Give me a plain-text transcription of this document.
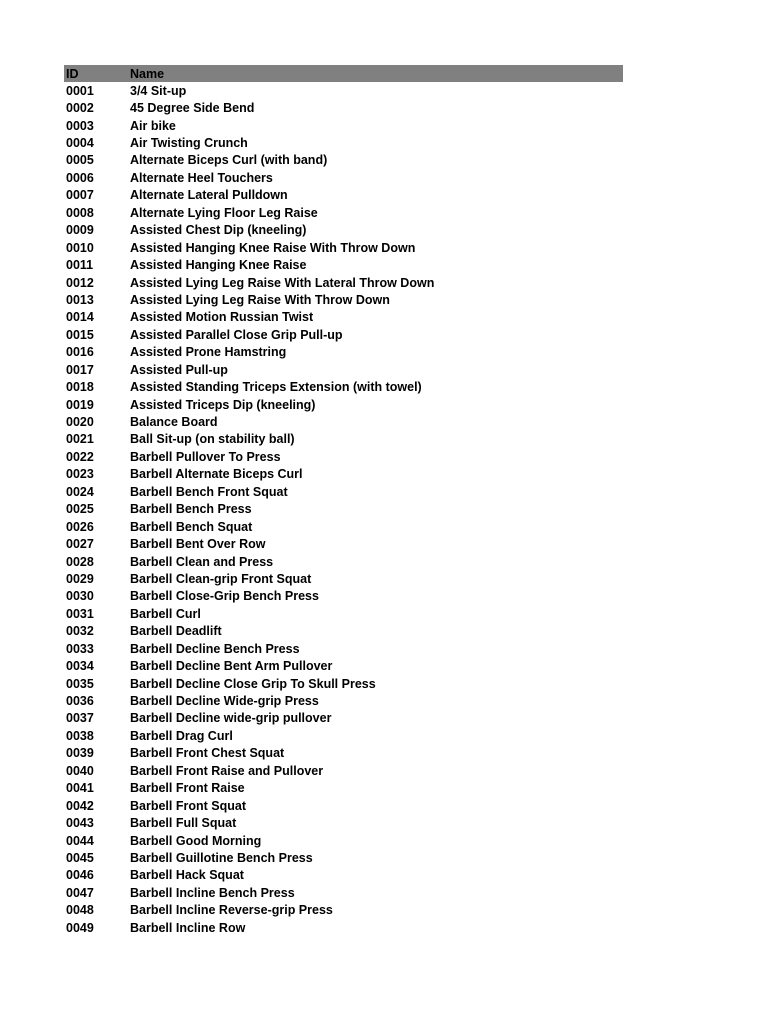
ID	Name
0001	3/4 Sit-up
0002	45 Degree Side Bend
0003	Air bike
0004	Air Twisting Crunch
0005	Alternate Biceps Curl (with band)
0006	Alternate Heel Touchers
0007	Alternate Lateral Pulldown
0008	Alternate Lying Floor Leg Raise
0009	Assisted Chest Dip (kneeling)
0010	Assisted Hanging Knee Raise With Throw Down
0011	Assisted Hanging Knee Raise
0012	Assisted Lying Leg Raise With Lateral Throw Down
0013	Assisted Lying Leg Raise With Throw Down
0014	Assisted Motion Russian Twist
0015	Assisted Parallel Close Grip Pull-up
0016	Assisted Prone Hamstring
0017	Assisted Pull-up
0018	Assisted Standing Triceps Extension (with towel)
0019	Assisted Triceps Dip (kneeling)
0020	Balance Board
0021	Ball Sit-up (on stability ball)
0022	Barbell Pullover To Press
0023	Barbell Alternate Biceps Curl
0024	Barbell Bench Front Squat
0025	Barbell Bench Press
0026	Barbell Bench Squat
0027	Barbell Bent Over Row
0028	Barbell Clean and Press
0029	Barbell Clean-grip Front Squat
0030	Barbell Close-Grip Bench Press
0031	Barbell Curl
0032	Barbell Deadlift
0033	Barbell Decline Bench Press
0034	Barbell Decline Bent Arm Pullover
0035	Barbell Decline Close Grip To Skull Press
0036	Barbell Decline Wide-grip Press
0037	Barbell Decline wide-grip pullover
0038	Barbell Drag Curl
0039	Barbell Front Chest Squat
0040	Barbell Front Raise and Pullover
0041	Barbell Front Raise
0042	Barbell Front Squat
0043	Barbell Full Squat
0044	Barbell Good Morning
0045	Barbell Guillotine Bench Press
0046	Barbell Hack Squat
0047	Barbell Incline Bench Press
0048	Barbell Incline Reverse-grip Press
0049	Barbell Incline Row
